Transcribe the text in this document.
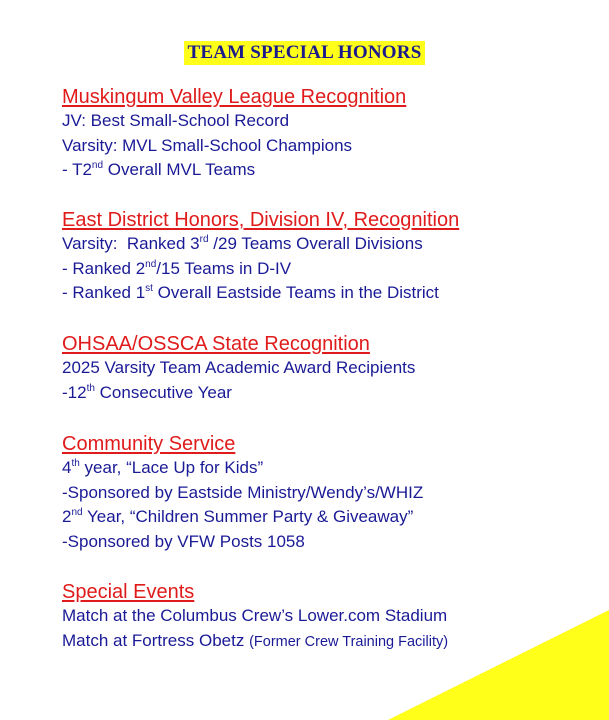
TEAM SPECIAL HONORS
Muskingum Valley League Recognition
JV: Best Small-School Record
Varsity: MVL Small-School Champions
- T2nd Overall MVL Teams
East District Honors, Division IV, Recognition
Varsity:  Ranked 3rd /29 Teams Overall Divisions
- Ranked 2nd/15 Teams in D-IV
- Ranked 1st Overall Eastside Teams in the District
OHSAA/OSSCA State Recognition
2025 Varsity Team Academic Award Recipients
-12th Consecutive Year
Community Service
4th year, “Lace Up for Kids”
-Sponsored by Eastside Ministry/Wendy’s/WHIZ
2nd Year, “Children Summer Party & Giveaway”
-Sponsored by VFW Posts 1058
Special Events
Match at the Columbus Crew’s Lower.com Stadium
Match at Fortress Obetz (Former Crew Training Facility)
